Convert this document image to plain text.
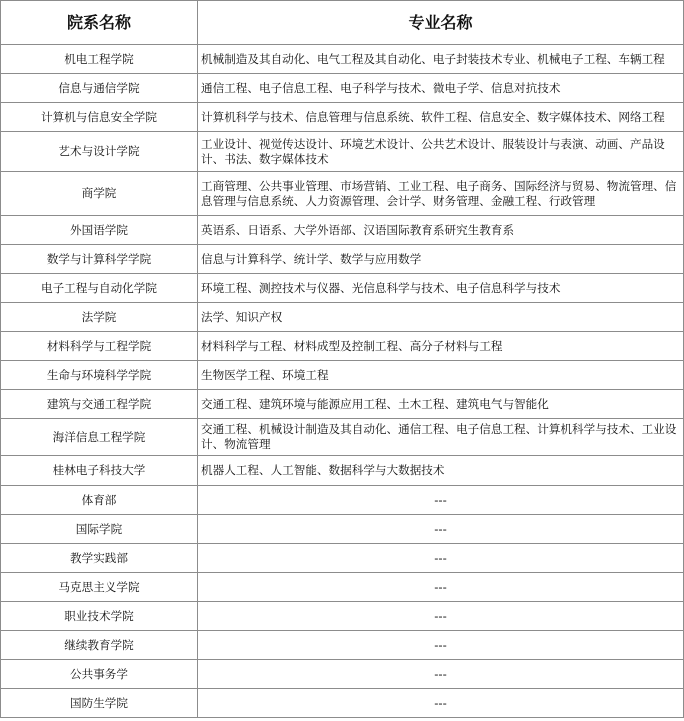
院系名称	专业名称
机电工程学院	机械制造及其自动化、电气工程及其自动化、电子封装技术专业、机械电子工程、车辆工程
信息与通信学院	通信工程、电子信息工程、电子科学与技术、微电子学、信息对抗技术
计算机与信息安全学院	计算机科学与技术、信息管理与信息系统、软件工程、信息安全、数字媒体技术、网络工程
艺术与设计学院	工业设计、视觉传达设计、环境艺术设计、公共艺术设计、服装设计与表演、动画、产品设计、书法、数字媒体技术
商学院	工商管理、公共事业管理、市场营销、工业工程、电子商务、国际经济与贸易、物流管理、信息管理与信息系统、人力资源管理、会计学、财务管理、金融工程、行政管理
外国语学院	英语系、日语系、大学外语部、汉语国际教育系研究生教育系
数学与计算科学学院	信息与计算科学、统计学、数学与应用数学
电子工程与自动化学院	环境工程、测控技术与仪器、光信息科学与技术、电子信息科学与技术
法学院	法学、知识产权
材料科学与工程学院	材料科学与工程、材料成型及控制工程、高分子材料与工程
生命与环境科学学院	生物医学工程、环境工程
建筑与交通工程学院	交通工程、建筑环境与能源应用工程、土木工程、建筑电气与智能化
海洋信息工程学院	交通工程、机械设计制造及其自动化、通信工程、电子信息工程、计算机科学与技术、工业设计、物流管理
桂林电子科技大学	机器人工程、人工智能、数据科学与大数据技术
体育部	---
国际学院	---
教学实践部	---
马克思主义学院	---
职业技术学院	---
继续教育学院	---
公共事务学	---
国防生学院	---
